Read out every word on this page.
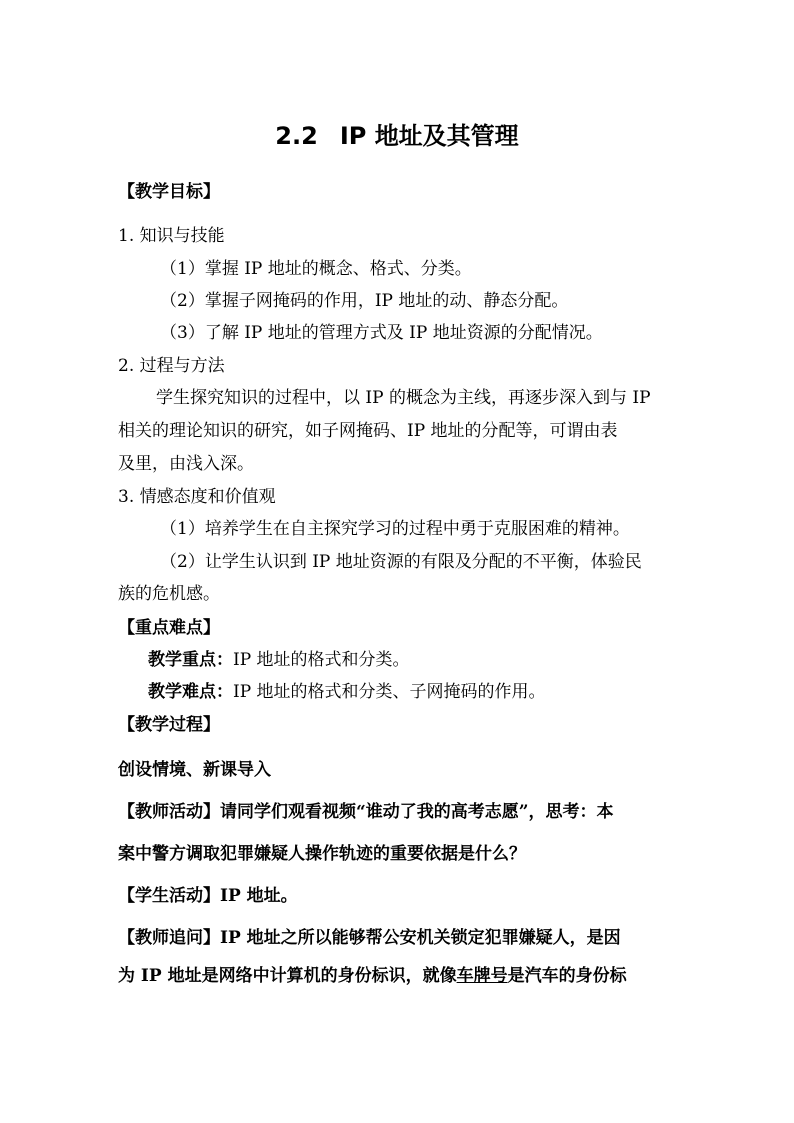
2.2 IP 地址及其管理
【教学目标】
1. 知识与技能
（1）掌握 IP 地址的概念、格式、分类。
（2）掌握子网掩码的作用，IP 地址的动、静态分配。
（3）了解 IP 地址的管理方式及 IP 地址资源的分配情况。
2. 过程与方法
学生探究知识的过程中，以 IP 的概念为主线，再逐步深入到与 IP
相关的理论知识的研究，如子网掩码、IP 地址的分配等，可谓由表
及里，由浅入深。
3. 情感态度和价值观
（1）培养学生在自主探究学习的过程中勇于克服困难的精神。
（2）让学生认识到 IP 地址资源的有限及分配的不平衡，体验民
族的危机感。
【重点难点】
教学重点：IP 地址的格式和分类。
教学难点：IP 地址的格式和分类、子网掩码的作用。
【教学过程】
创设情境、新课导入
【教师活动】请同学们观看视频“谁动了我的高考志愿”，思考：本
案中警方调取犯罪嫌疑人操作轨迹的重要依据是什么？
【学生活动】IP 地址。
【教师追问】IP 地址之所以能够帮公安机关锁定犯罪嫌疑人，是因
为 IP 地址是网络中计算机的身份标识，就像车牌号是汽车的身份标
